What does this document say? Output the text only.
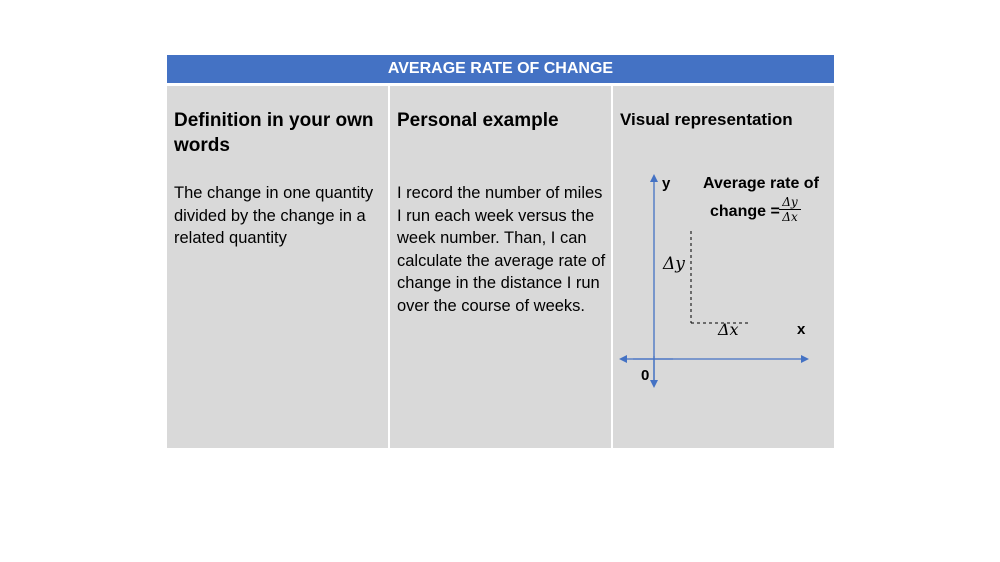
AVERAGE RATE OF CHANGE
Definition in your own words
The change in one quantity divided by the change in a related quantity
Personal example
I record the number of miles I run each week versus the week number. Than, I can calculate the average rate of change in the distance I run over the course of weeks.
Visual representation
y
x
0
Average rate of
change = $\frac{\Delta y}{\Delta x}$
Δy
Δx
